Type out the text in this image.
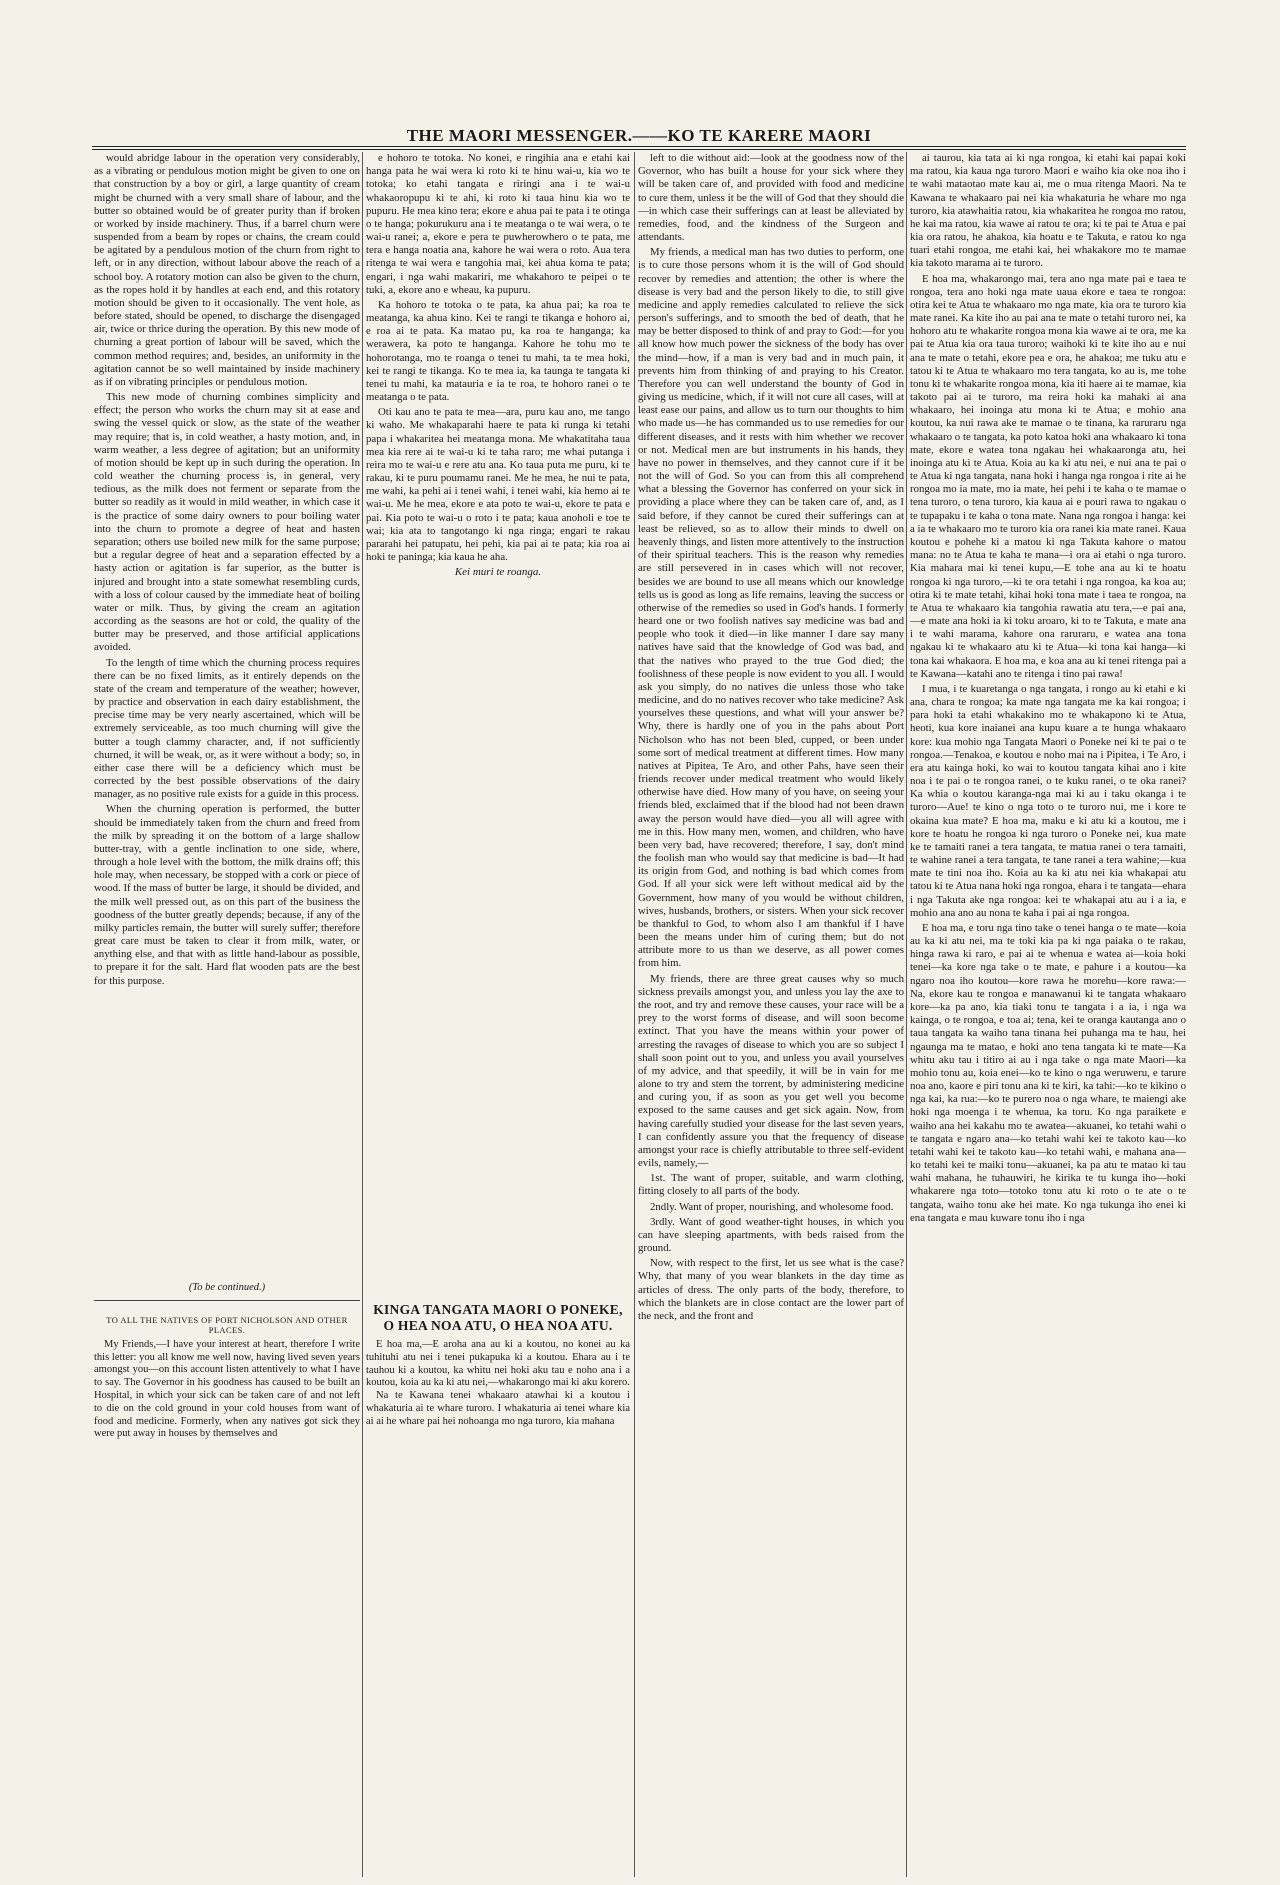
THE MAORI MESSENGER.——KO TE KARERE MAORI

would abridge labour in the operation very considerably, as a vibrating or pendulous motion might be given to one on that construction by a boy or girl, a large quantity of cream might be churned with a very small share of labour, and the butter so obtained would be of greater purity than if broken or worked by inside machinery. Thus, if a barrel churn were suspended from a beam by ropes or chains, the cream could be agitated by a pendulous motion of the churn from right to left, or in any direction, without labour above the reach of a school boy. A rotatory motion can also be given to the churn, as the ropes hold it by handles at each end, and this rotatory motion should be given to it occasionally. The vent hole, as before stated, should be opened, to discharge the disengaged air, twice or thrice during the operation. By this new mode of churning a great portion of labour will be saved, which the common method requires; and, besides, an uniformity in the agitation cannot be so well maintained by inside machinery as if on vibrating principles or pendulous motion.

This new mode of churning combines simplicity and effect; the person who works the churn may sit at ease and swing the vessel quick or slow, as the state of the weather may require; that is, in cold weather, a hasty motion, and, in warm weather, a less degree of agitation; but an uniformity of motion should be kept up in such during the operation. In cold weather the churning process is, in general, very tedious, as the milk does not ferment or separate from the butter so readily as it would in mild weather, in which case it is the practice of some dairy owners to pour boiling water into the churn to promote a degree of heat and hasten separation; others use boiled new milk for the same purpose; but a regular degree of heat and a separation effected by a hasty action or agitation is far superior, as the butter is injured and brought into a state somewhat resembling curds, with a loss of colour caused by the immediate heat of boiling water or milk. Thus, by giving the cream an agitation according as the seasons are hot or cold, the quality of the butter may be preserved, and those artificial applications avoided.

To the length of time which the churning process requires there can be no fixed limits, as it entirely depends on the state of the cream and temperature of the weather; however, by practice and observation in each dairy establishment, the precise time may be very nearly ascertained, which will be extremely serviceable, as too much churning will give the butter a tough clammy character, and, if not sufficiently churned, it will be weak, or, as it were without a body; so, in either case there will be a deficiency which must be corrected by the best possible observations of the dairy manager, as no positive rule exists for a guide in this process.

When the churning operation is performed, the butter should be immediately taken from the churn and freed from the milk by spreading it on the bottom of a large shallow butter-tray, with a gentle inclination to one side, where, through a hole level with the bottom, the milk drains off; this hole may, when necessary, be stopped with a cork or piece of wood. If the mass of butter be large, it should be divided, and the milk well pressed out, as on this part of the business the goodness of the butter greatly depends; because, if any of the milky particles remain, the butter will surely suffer; therefore great care must be taken to clear it from milk, water, or anything else, and that with as little hand-labour as possible, to prepare it for the salt. Hard flat wooden pats are the best for this purpose.

(To be continued.)
TO ALL THE NATIVES OF PORT NICHOLSON AND OTHER PLACES.

My Friends,—I have your interest at heart, therefore I write this letter: you all know me well now, having lived seven years amongst you—on this account listen attentively to what I have to say. The Governor in his goodness has caused to be built an Hospital, in which your sick can be taken care of and not left to die on the cold ground in your cold houses from want of food and medicine. Formerly, when any natives got sick they were put away in houses by themselves and

e hohoro te totoka. No konei, e ringihia ana e etahi kai hanga pata he wai wera ki roto ki te hinu wai-u, kia wo te totoka; ko etahi tangata e riringi ana i te wai-u whakaoropupu ki te ahi, ki roto ki taua hinu kia wo te pupuru. He mea kino tera; ekore e ahua pai te pata i te otinga o te hanga; pokurukuru ana i te meatanga o te wai wera, o te wai-u ranei; a, ekore e pera te puwherowhero o te pata, me tera e hanga noatia ana, kahore he wai wera o roto. Aua tera ritenga te wai wera e tangohia mai, kei ahua koma te pata; engari, i nga wahi makariri, me whakahoro te peipei o te tuki, a, ekore ano e wheau, ka pupuru.

Ka hohoro te totoka o te pata, ka ahua pai; ka roa te meatanga, ka ahua kino. Kei te rangi te tikanga e hohoro ai, e roa ai te pata. Ka matao pu, ka roa te hanganga; ka werawera, ka poto te hanganga. Kahore he tohu mo te hohorotanga, mo te roanga o tenei tu mahi, ta te mea hoki, kei te rangi te tikanga. Ko te mea ia, ka taunga te tangata ki tenei tu mahi, ka matauria e ia te roa, te hohoro ranei o te meatanga o te pata.

Oti kau ano te pata te mea—ara, puru kau ano, me tango ki waho. Me whakaparahi haere te pata ki runga ki tetahi papa i whakaritea hei meatanga mona. Me whakatitaha taua mea kia rere ai te wai-u ki te taha raro; me whai putanga i reira mo te wai-u e rere atu ana. Ko taua puta me puru, ki te rakau, ki te puru poumamu ranei. Me he mea, he nui te pata, me wahi, ka pehi ai i tenei wahi, i tenei wahi, kia hemo ai te wai-u. Me he mea, ekore e ata poto te wai-u, ekore te pata e pai. Kia poto te wai-u o roto i te pata; kaua anoholi e toe te wai; kia ata to tangotango ki nga ringa; engari te rakau pararahi hei patupatu, hei pehi, kia pai ai te pata; kia roa ai hoki te paninga; kia kaua he aha.

Kei muri te roanga.
KINGA TANGATA MAORI O PONEKE, O HEA NOA ATU, O HEA NOA ATU.

E hoa ma,—E aroha ana au ki a koutou, no konei au ka tuhituhi atu nei i tenei pukapuka ki a koutou. Ehara au i te tauhou ki a koutou, ka whitu nei hoki aku tau e noho ana i a koutou, koia au ka ki atu nei,—whakarongo mai ki aku korero.

Na te Kawana tenei whakaaro atawhai ki a koutou i whakaturia ai te whare turoro. I whakaturia ai tenei whare kia ai ai he whare pai hei nohoanga mo nga turoro, kia mahana

left to die without aid:—look at the goodness now of the Governor, who has built a house for your sick where they will be taken care of, and provided with food and medicine to cure them, unless it be the will of God that they should die—in which case their sufferings can at least be alleviated by remedies, food, and the kindness of the Surgeon and attendants.

My friends, a medical man has two duties to perform, one is to cure those persons whom it is the will of God should recover by remedies and attention; the other is where the disease is very bad and the person likely to die, to still give medicine and apply remedies calculated to relieve the sick person's sufferings, and to smooth the bed of death, that he may be better disposed to think of and pray to God:—for you all know how much power the sickness of the body has over the mind—how, if a man is very bad and in much pain, it prevents him from thinking of and praying to his Creator. Therefore you can well understand the bounty of God in giving us medicine, which, if it will not cure all cases, will at least ease our pains, and allow us to turn our thoughts to him who made us—he has commanded us to use remedies for our different diseases, and it rests with him whether we recover or not. Medical men are but instruments in his hands, they have no power in themselves, and they cannot cure if it be not the will of God. So you can from this all comprehend what a blessing the Governor has conferred on your sick in providing a place where they can be taken care of, and, as I said before, if they cannot be cured their sufferings can at least be relieved, so as to allow their minds to dwell on heavenly things, and listen more attentively to the instruction of their spiritual teachers. This is the reason why remedies are still persevered in in cases which will not recover, besides we are bound to use all means which our knowledge tells us is good as long as life remains, leaving the success or otherwise of the remedies so used in God's hands. I formerly heard one or two foolish natives say medicine was bad and people who took it died—in like manner I dare say many natives have said that the knowledge of God was bad, and that the natives who prayed to the true God died; the foolishness of these people is now evident to you all. I would ask you simply, do no natives die unless those who take medicine, and do no natives recover who take medicine? Ask yourselves these questions, and what will your answer be? Why, there is hardly one of you in the pahs about Port Nicholson who has not been bled, cupped, or been under some sort of medical treatment at different times. How many natives at Pipitea, Te Aro, and other Pahs, have seen their friends recover under medical treatment who would likely otherwise have died. How many of you have, on seeing your friends bled, exclaimed that if the blood had not been drawn away the person would have died—you all will agree with me in this. How many men, women, and children, who have been very bad, have recovered; therefore, I say, don't mind the foolish man who would say that medicine is bad—It had its origin from God, and nothing is bad which comes from God. If all your sick were left without medical aid by the Government, how many of you would be without children, wives, husbands, brothers, or sisters. When your sick recover be thankful to God, to whom also I am thankful if I have been the means under him of curing them; but do not attribute more to us than we deserve, as all power comes from him.

My friends, there are three great causes why so much sickness prevails amongst you, and unless you lay the axe to the root, and try and remove these causes, your race will be a prey to the worst forms of disease, and will soon become extinct. That you have the means within your power of arresting the ravages of disease to which you are so subject I shall soon point out to you, and unless you avail yourselves of my advice, and that speedily, it will be in vain for me alone to try and stem the torrent, by administering medicine and curing you, if as soon as you get well you become exposed to the same causes and get sick again. Now, from having carefully studied your disease for the last seven years, I can confidently assure you that the frequency of disease amongst your race is chiefly attributable to three self-evident evils, namely,—

1st. The want of proper, suitable, and warm clothing, fitting closely to all parts of the body.

2ndly. Want of proper, nourishing, and wholesome food.

3rdly. Want of good weather-tight houses, in which you can have sleeping apartments, with beds raised from the ground.

Now, with respect to the first, let us see what is the case? Why, that many of you wear blankets in the day time as articles of dress. The only parts of the body, therefore, to which the blankets are in close contact are the lower part of the neck, and the front and

ai taurou, kia tata ai ki nga rongoa, ki etahi kai papai koki ma ratou, kia kaua nga turoro Maori e waiho kia oke noa iho i te wahi mataotao mate kau ai, me o mua ritenga Maori. Na te Kawana te whakaaro pai nei kia whakaturia he whare mo nga turoro, kia atawhaitia ratou, kia whakaritea he rongoa mo ratou, he kai ma ratou, kia wawe ai ratou te ora; ki te pai te Atua e pai kia ora ratou, he ahakoa, kia hoatu e te Takuta, e ratou ko nga tuari etahi rongoa, me etahi kai, hei whakakore mo te mamae kia takoto marama ai te turoro.

E hoa ma, whakarongo mai, tera ano nga mate pai e taea te rongoa, tera ano hoki nga mate uaua ekore e taea te rongoa: otira kei te Atua te whakaaro mo nga mate, kia ora te turoro kia mate ranei. Ka kite iho au pai ana te mate o tetahi turoro nei, ka hohoro atu te whakarite rongoa mona kia wawe ai te ora, me ka pai te Atua kia ora taua turoro; waihoki ki te kite iho au e nui ana te mate o tetahi, ekore pea e ora, he ahakoa; me tuku atu e tatou ki te Atua te whakaaro mo tera tangata, ko au is, me tohe tonu ki te whakarite rongoa mona, kia iti haere ai te mamae, kia takoto pai ai te turoro, ma reira hoki ka mahaki ai ana whakaaro, hei inoinga atu mona ki te Atua; e mohio ana koutou, ka nui rawa ake te mamae o te tinana, ka raruraru nga whakaaro o te tangata, ka poto katoa hoki ana whakaaro ki tona mate, ekore e watea tona ngakau hei whakaaronga atu, hei inoinga atu ki te Atua. Koia au ka ki atu nei, e nui ana te pai o te Atua ki nga tangata, nana hoki i hanga nga rongoa i rite ai he rongoa mo ia mate, mo ia mate, hei pehi i te kaha o te mamae o tena turoro, o tena turoro, kia kaua ai e pouri rawa to ngakau o te tupapaku i te kaha o tona mate. Nana nga rongoa i hanga: kei a ia te whakaaro mo te turoro kia ora ranei kia mate ranei. Kaua koutou e pohehe ki a matou ki nga Takuta kahore o matou mana: no te Atua te kaha te mana—i ora ai etahi o nga turoro. Kia mahara mai ki tenei kupu,—E tohe ana au ki te hoatu rongoa ki nga turoro,—ki te ora tetahi i nga rongoa, ka koa au; otira ki te mate tetahi, kihai hoki tona mate i taea te rongoa, na te Atua te whakaaro kia tangohia rawatia atu tera,—e pai ana,—e mate ana hoki ia ki toku aroaro, ki to te Takuta, e mate ana i te wahi marama, kahore ona raruraru, e watea ana tona ngakau ki te whakaaro atu ki te Atua—ki tona kai hanga—ki tona kai whakaora. E hoa ma, e koa ana au ki tenei ritenga pai a te Kawana—katahi ano te ritenga i tino pai rawa!

I mua, i te kuaretanga o nga tangata, i rongo au ki etahi e ki ana, chara te rongoa; ka mate nga tangata me ka kai rongoa; i para hoki ta etahi whakakino mo te whakapono ki te Atua, heoti, kua kore inaianei ana kupu kuare a te hunga whakaaro kore: kua mohio nga Tangata Maori o Poneke nei ki te pai o te rongoa.—Tenakoa, e koutou e noho mai na i Pipitea, i Te Aro, i era atu kainga hoki, ko wai to koutou tangata kihai ano i kite noa i te pai o te rongoa ranei, o te kuku ranei, o te oka ranei? Ka whia o koutou karanga-nga mai ki au i taku okanga i te turoro—Aue! te kino o nga toto o te turoro nui, me i kore te okaina kua mate? E hoa ma, maku e ki atu ki a koutou, me i kore te hoatu he rongoa ki nga turoro o Poneke nei, kua mate ke te tamaiti ranei a tera tangata, te matua ranei o tera tamaiti, te wahine ranei a tera tangata, te tane ranei a tera wahine;—kua mate te tini noa iho. Koia au ka ki atu nei kia whakapai atu tatou ki te Atua nana hoki nga rongoa, ehara i te tangata—ehara i nga Takuta ake nga rongoa: kei te whakapai atu au i a ia, e mohio ana ano au nona te kaha i pai ai nga rongoa.

E hoa ma, e toru nga tino take o tenei hanga o te mate—koia au ka ki atu nei, ma te toki kia pa ki nga paiaka o te rakau, hinga rawa ki raro, e pai ai te whenua e watea ai—koia hoki tenei—ka kore nga take o te mate, e pahure i a koutou—ka ngaro noa iho koutou—kore rawa he morehu—kore rawa:—Na, ekore kau te rongoa e manawanui ki te tangata whakaaro kore—ka pa ano, kia tiaki tonu te tangata i a ia, i nga wa kainga, o te rongoa, e toa ai; tena, kei te oranga kautanga ano o taua tangata ka waiho tana tinana hei puhanga ma te hau, hei ngaunga ma te matao, e hoki ano tena tangata ki te mate—Ka whitu aku tau i titiro ai au i nga take o nga mate Maori—ka mohio tonu au, koia enei—ko te kino o nga weruweru, e tarure noa ano, kaore e piri tonu ana ki te kiri, ka tahi:—ko te kikino o nga kai, ka rua:—ko te purero noa o nga whare, te maiengi ake hoki nga moenga i te whenua, ka toru. Ko nga paraikete e waiho ana hei kakahu mo te awatea—akuanei, ko tetahi wahi o te tangata e ngaro ana—ko tetahi wahi kei te takoto kau—ko tetahi wahi kei te takoto kau—ko tetahi wahi, e mahana ana—ko tetahi kei te maiki tonu—akuanei, ka pa atu te matao ki tau wahi mahana, he tuhauwiri, he kirika te tu kunga iho—hoki whakarere nga toto—totoko tonu atu ki roto o te ate o te tangata, waiho tonu ake hei mate. Ko nga tukunga iho enei ki ena tangata e mau kuware tonu iho i nga
